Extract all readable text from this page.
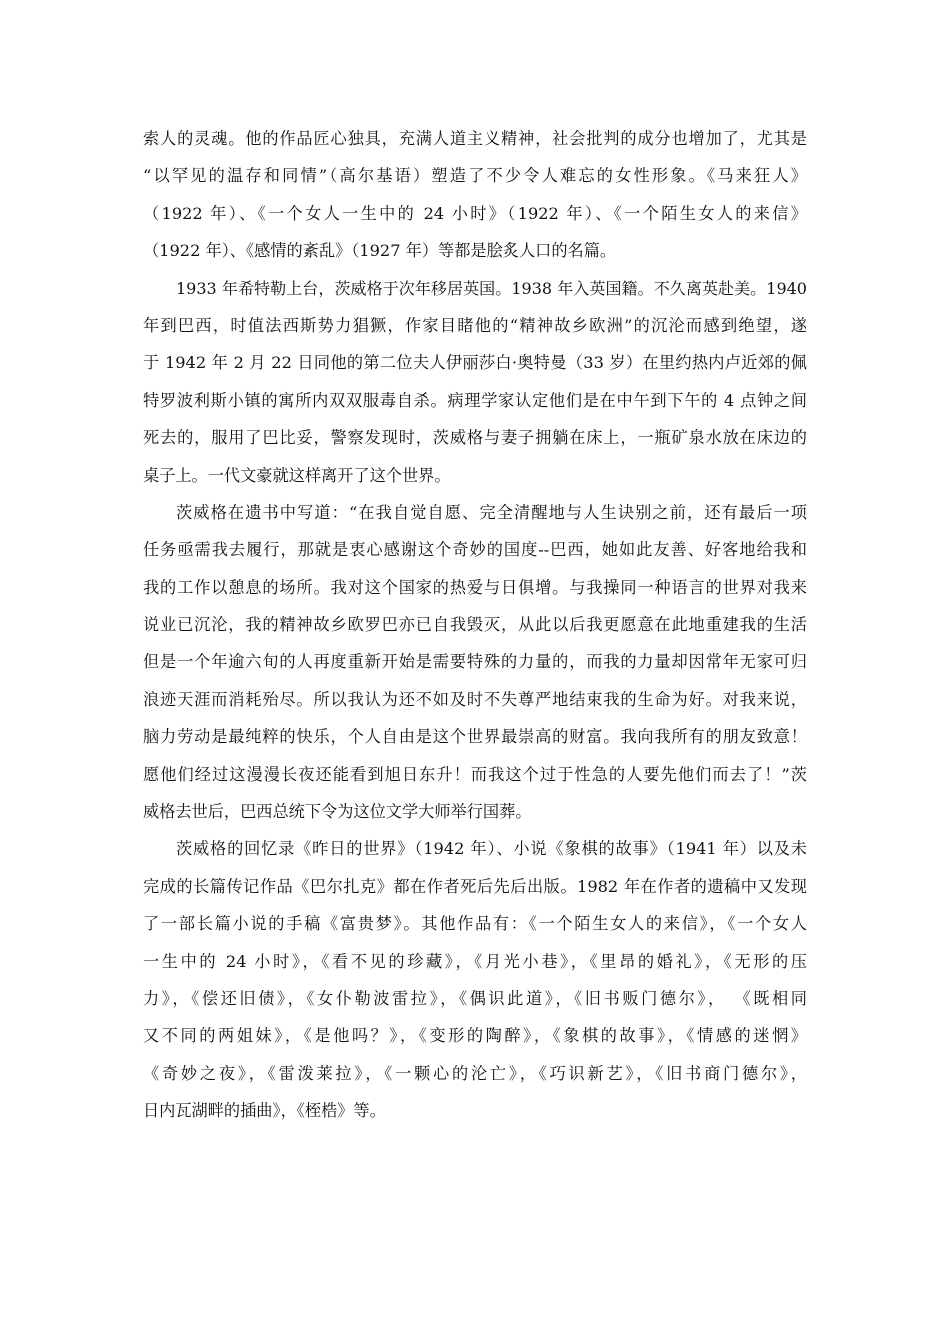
索人的灵魂。他的作品匠心独具，充满人道主义精神，社会批判的成分也增加了，尤其是
“以罕见的温存和同情”（高尔基语）塑造了不少令人难忘的女性形象。《马来狂人》
（1922 年）、《一个女人一生中的 24 小时》（1922 年）、《一个陌生女人的来信》
（1922 年）、《感情的紊乱》（1927 年）等都是脍炙人口的名篇。
1933 年希特勒上台，茨威格于次年移居英国。1938 年入英国籍。不久离英赴美。1940
年到巴西，时值法西斯势力猖獗，作家目睹他的“精神故乡欧洲”的沉沦而感到绝望，遂
于 1942 年 2 月 22 日同他的第二位夫人伊丽莎白·奥特曼（33 岁）在里约热内卢近郊的佩
特罗波利斯小镇的寓所内双双服毒自杀。病理学家认定他们是在中午到下午的 4 点钟之间
死去的，服用了巴比妥，警察发现时，茨威格与妻子拥躺在床上，一瓶矿泉水放在床边的
桌子上。一代文豪就这样离开了这个世界。
茨威格在遗书中写道：“在我自觉自愿、完全清醒地与人生诀别之前，还有最后一项
任务亟需我去履行，那就是衷心感谢这个奇妙的国度--巴西，她如此友善、好客地给我和
我的工作以憩息的场所。我对这个国家的热爱与日俱增。与我操同一种语言的世界对我来
说业已沉沦，我的精神故乡欧罗巴亦已自我毁灭，从此以后我更愿意在此地重建我的生活
但是一个年逾六旬的人再度重新开始是需要特殊的力量的，而我的力量却因常年无家可归
浪迹天涯而消耗殆尽。所以我认为还不如及时不失尊严地结束我的生命为好。对我来说，
脑力劳动是最纯粹的快乐，个人自由是这个世界最崇高的财富。我向我所有的朋友致意！
愿他们经过这漫漫长夜还能看到旭日东升！而我这个过于性急的人要先他们而去了！”茨
威格去世后，巴西总统下令为这位文学大师举行国葬。
茨威格的回忆录《昨日的世界》（1942 年）、小说《象棋的故事》（1941 年）以及未
完成的长篇传记作品《巴尔扎克》都在作者死后先后出版。1982 年在作者的遗稿中又发现
了一部长篇小说的手稿《富贵梦》。其他作品有：《一个陌生女人的来信》，《一个女人
一生中的 24 小时》，《看不见的珍藏》，《月光小巷》，《里昂的婚礼》，《无形的压
力》，《偿还旧债》，《女仆勒波雷拉》，《偶识此道》，《旧书贩门德尔》， 《既相同
又不同的两姐妹》，《是他吗？》，《变形的陶醉》，《象棋的故事》，《情感的迷惘》
《奇妙之夜》，《雷泼莱拉》，《一颗心的沦亡》，《巧识新艺》，《旧书商门德尔》，
日内瓦湖畔的插曲》，《桎梏》等。
